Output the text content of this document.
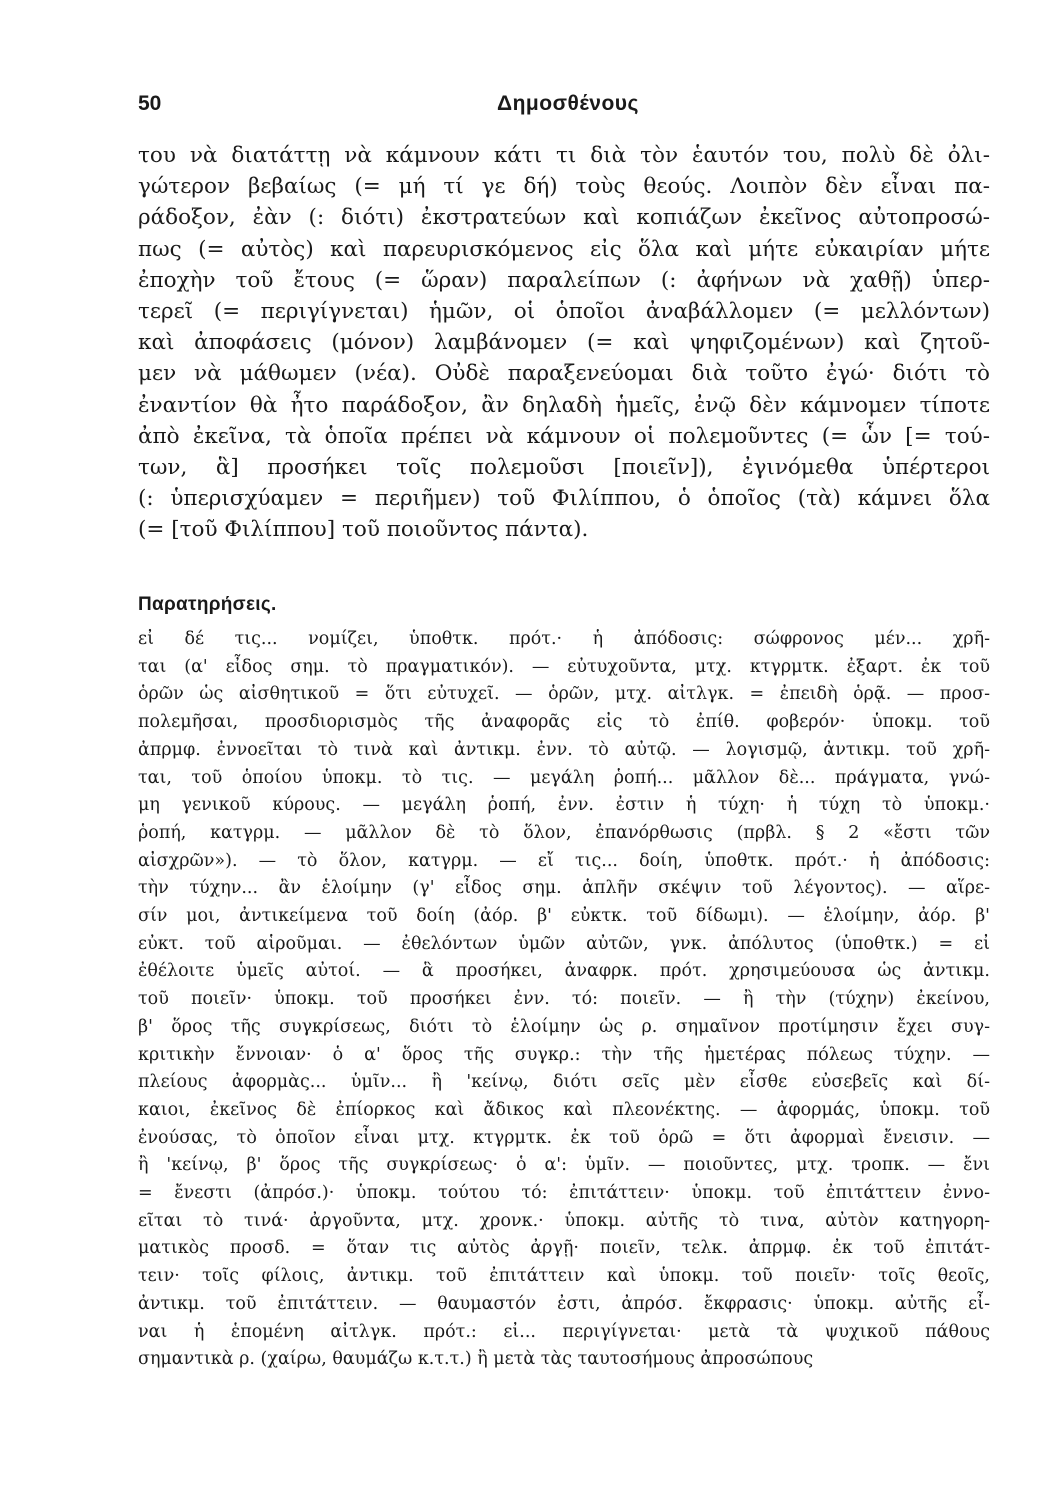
50	Δημοσθένους

του νὰ διατάττῃ νὰ κάμνουν κάτι τι διὰ τὸν ἑαυτόν του, πολὺ δὲ ὀλι-
γώτερον βεβαίως (= μή τί γε δή) τοὺς θεούς. Λοιπὸν δὲν εἶναι πα-
ράδοξον, ἐὰν (: διότι) ἐκστρατεύων καὶ κοπιάζων ἐκεῖνος αὐτοπροσώ-
πως (= αὐτὸς) καὶ παρευρισκόμενος εἰς ὅλα καὶ μήτε εὐκαιρίαν μήτε
ἐποχὴν τοῦ ἔτους (= ὥραν) παραλείπων (: ἀφήνων νὰ χαθῇ) ὑπερ-
τερεῖ (= περιγίγνεται) ἡμῶν, οἱ ὁποῖοι ἀναβάλλομεν (= μελλόντων)
καὶ ἀποφάσεις (μόνον) λαμβάνομεν (= καὶ ψηφιζομένων) καὶ ζητοῦ-
μεν νὰ μάθωμεν (νέα). Οὐδὲ παραξενεύομαι διὰ τοῦτο ἐγώ· διότι τὸ
ἐναντίον θὰ ἦτο παράδοξον, ἂν δηλαδὴ ἡμεῖς, ἐνῷ δὲν κάμνομεν τίποτε
ἀπὸ ἐκεῖνα, τὰ ὁποῖα πρέπει νὰ κάμνουν οἱ πολεμοῦντες (= ὧν [= τού-
των, ἃ] προσήκει τοῖς πολεμοῦσι [ποιεῖν]), ἐγινόμεθα ὑπέρτεροι
(: ὑπερισχύαμεν = περιῆμεν) τοῦ Φιλίππου, ὁ ὁποῖος (τὰ) κάμνει ὅλα
(= [τοῦ Φιλίππου] τοῦ ποιοῦντος πάντα).

Παρατηρήσεις.

εἰ δέ τις... νομίζει, ὑποθτκ. πρότ.· ἡ ἀπόδοσις: σώφρονος μέν... χρῆ-
ται (α' εἶδος σημ. τὸ πραγματικόν). — εὐτυχοῦντα, μτχ. κτγρμτκ. ἐξαρτ. ἐκ τοῦ
ὁρῶν ὡς αἰσθητικοῦ = ὅτι εὐτυχεῖ. — ὁρῶν, μτχ. αἰτλγκ. = ἐπειδὴ ὁρᾷ. — προσ-
πολεμῆσαι, προσδιορισμὸς τῆς ἀναφορᾶς εἰς τὸ ἐπίθ. φοβερόν· ὑποκμ. τοῦ
ἀπρμφ. ἐννοεῖται τὸ τινὰ καὶ ἀντικμ. ἐνν. τὸ αὐτῷ. — λογισμῷ, ἀντικμ. τοῦ χρῆ-
ται, τοῦ ὁποίου ὑποκμ. τὸ τις. — μεγάλη ῥοπή... μᾶλλον δὲ... πράγματα, γνώ-
μη γενικοῦ κύρους. — μεγάλη ῥοπή, ἐνν. ἐστιν ἡ τύχη· ἡ τύχη τὸ ὑποκμ.·
ῥοπή, κατγρμ. — μᾶλλον δὲ τὸ ὅλον, ἐπανόρθωσις (πρβλ. § 2 «ἔστι τῶν
αἰσχρῶν»). — τὸ ὅλον, κατγρμ. — εἴ τις... δοίη, ὑποθτκ. πρότ.· ἡ ἀπόδοσις:
τὴν τύχην... ἂν ἑλοίμην (γ' εἶδος σημ. ἁπλῆν σκέψιν τοῦ λέγοντος). — αἵρε-
σίν μοι, ἀντικείμενα τοῦ δοίη (ἀόρ. β' εὐκτκ. τοῦ δίδωμι). — ἑλοίμην, ἀόρ. β'
εὐκτ. τοῦ αἱροῦμαι. — ἐθελόντων ὑμῶν αὐτῶν, γνκ. ἀπόλυτος (ὑποθτκ.) = εἰ
ἐθέλοιτε ὑμεῖς αὐτοί. — ἃ προσήκει, ἀναφρκ. πρότ. χρησιμεύουσα ὡς ἀντικμ.
τοῦ ποιεῖν· ὑποκμ. τοῦ προσήκει ἐνν. τό: ποιεῖν. — ἢ τὴν (τύχην) ἐκείνου,
β' ὅρος τῆς συγκρίσεως, διότι τὸ ἑλοίμην ὡς ρ. σημαῖνον προτίμησιν ἔχει συγ-
κριτικὴν ἔννοιαν· ὁ α' ὅρος τῆς συγκρ.: τὴν τῆς ἡμετέρας πόλεως τύχην. —
πλείους ἀφορμὰς... ὑμῖν... ἢ 'κείνῳ, διότι σεῖς μὲν εἶσθε εὐσεβεῖς καὶ δί-
καιοι, ἐκεῖνος δὲ ἐπίορκος καὶ ἄδικος καὶ πλεονέκτης. — ἀφορμάς, ὑποκμ. τοῦ
ἐνούσας, τὸ ὁποῖον εἶναι μτχ. κτγρμτκ. ἐκ τοῦ ὁρῶ = ὅτι ἀφορμαὶ ἔνεισιν. —
ἢ 'κείνῳ, β' ὅρος τῆς συγκρίσεως· ὁ α': ὑμῖν. — ποιοῦντες, μτχ. τροπκ. — ἔνι
= ἔνεστι (ἀπρόσ.)· ὑποκμ. τούτου τό: ἐπιτάττειν· ὑποκμ. τοῦ ἐπιτάττειν ἐννο-
εῖται τὸ τινά· ἀργοῦντα, μτχ. χρονκ.· ὑποκμ. αὐτῆς τὸ τινα, αὐτὸν κατηγορη-
ματικὸς προσδ. = ὅταν τις αὐτὸς ἀργῇ· ποιεῖν, τελκ. ἀπρμφ. ἐκ τοῦ ἐπιτάτ-
τειν· τοῖς φίλοις, ἀντικμ. τοῦ ἐπιτάττειν καὶ ὑποκμ. τοῦ ποιεῖν· τοῖς θεοῖς,
ἀντικμ. τοῦ ἐπιτάττειν. — θαυμαστόν ἐστι, ἀπρόσ. ἔκφρασις· ὑποκμ. αὐτῆς εἶ-
ναι ἡ ἑπομένη αἰτλγκ. πρότ.: εἰ... περιγίγνεται· μετὰ τὰ ψυχικοῦ πάθους
σημαντικὰ ρ. (χαίρω, θαυμάζω κ.τ.τ.) ἢ μετὰ τὰς ταυτοσήμους ἀπροσώπους
